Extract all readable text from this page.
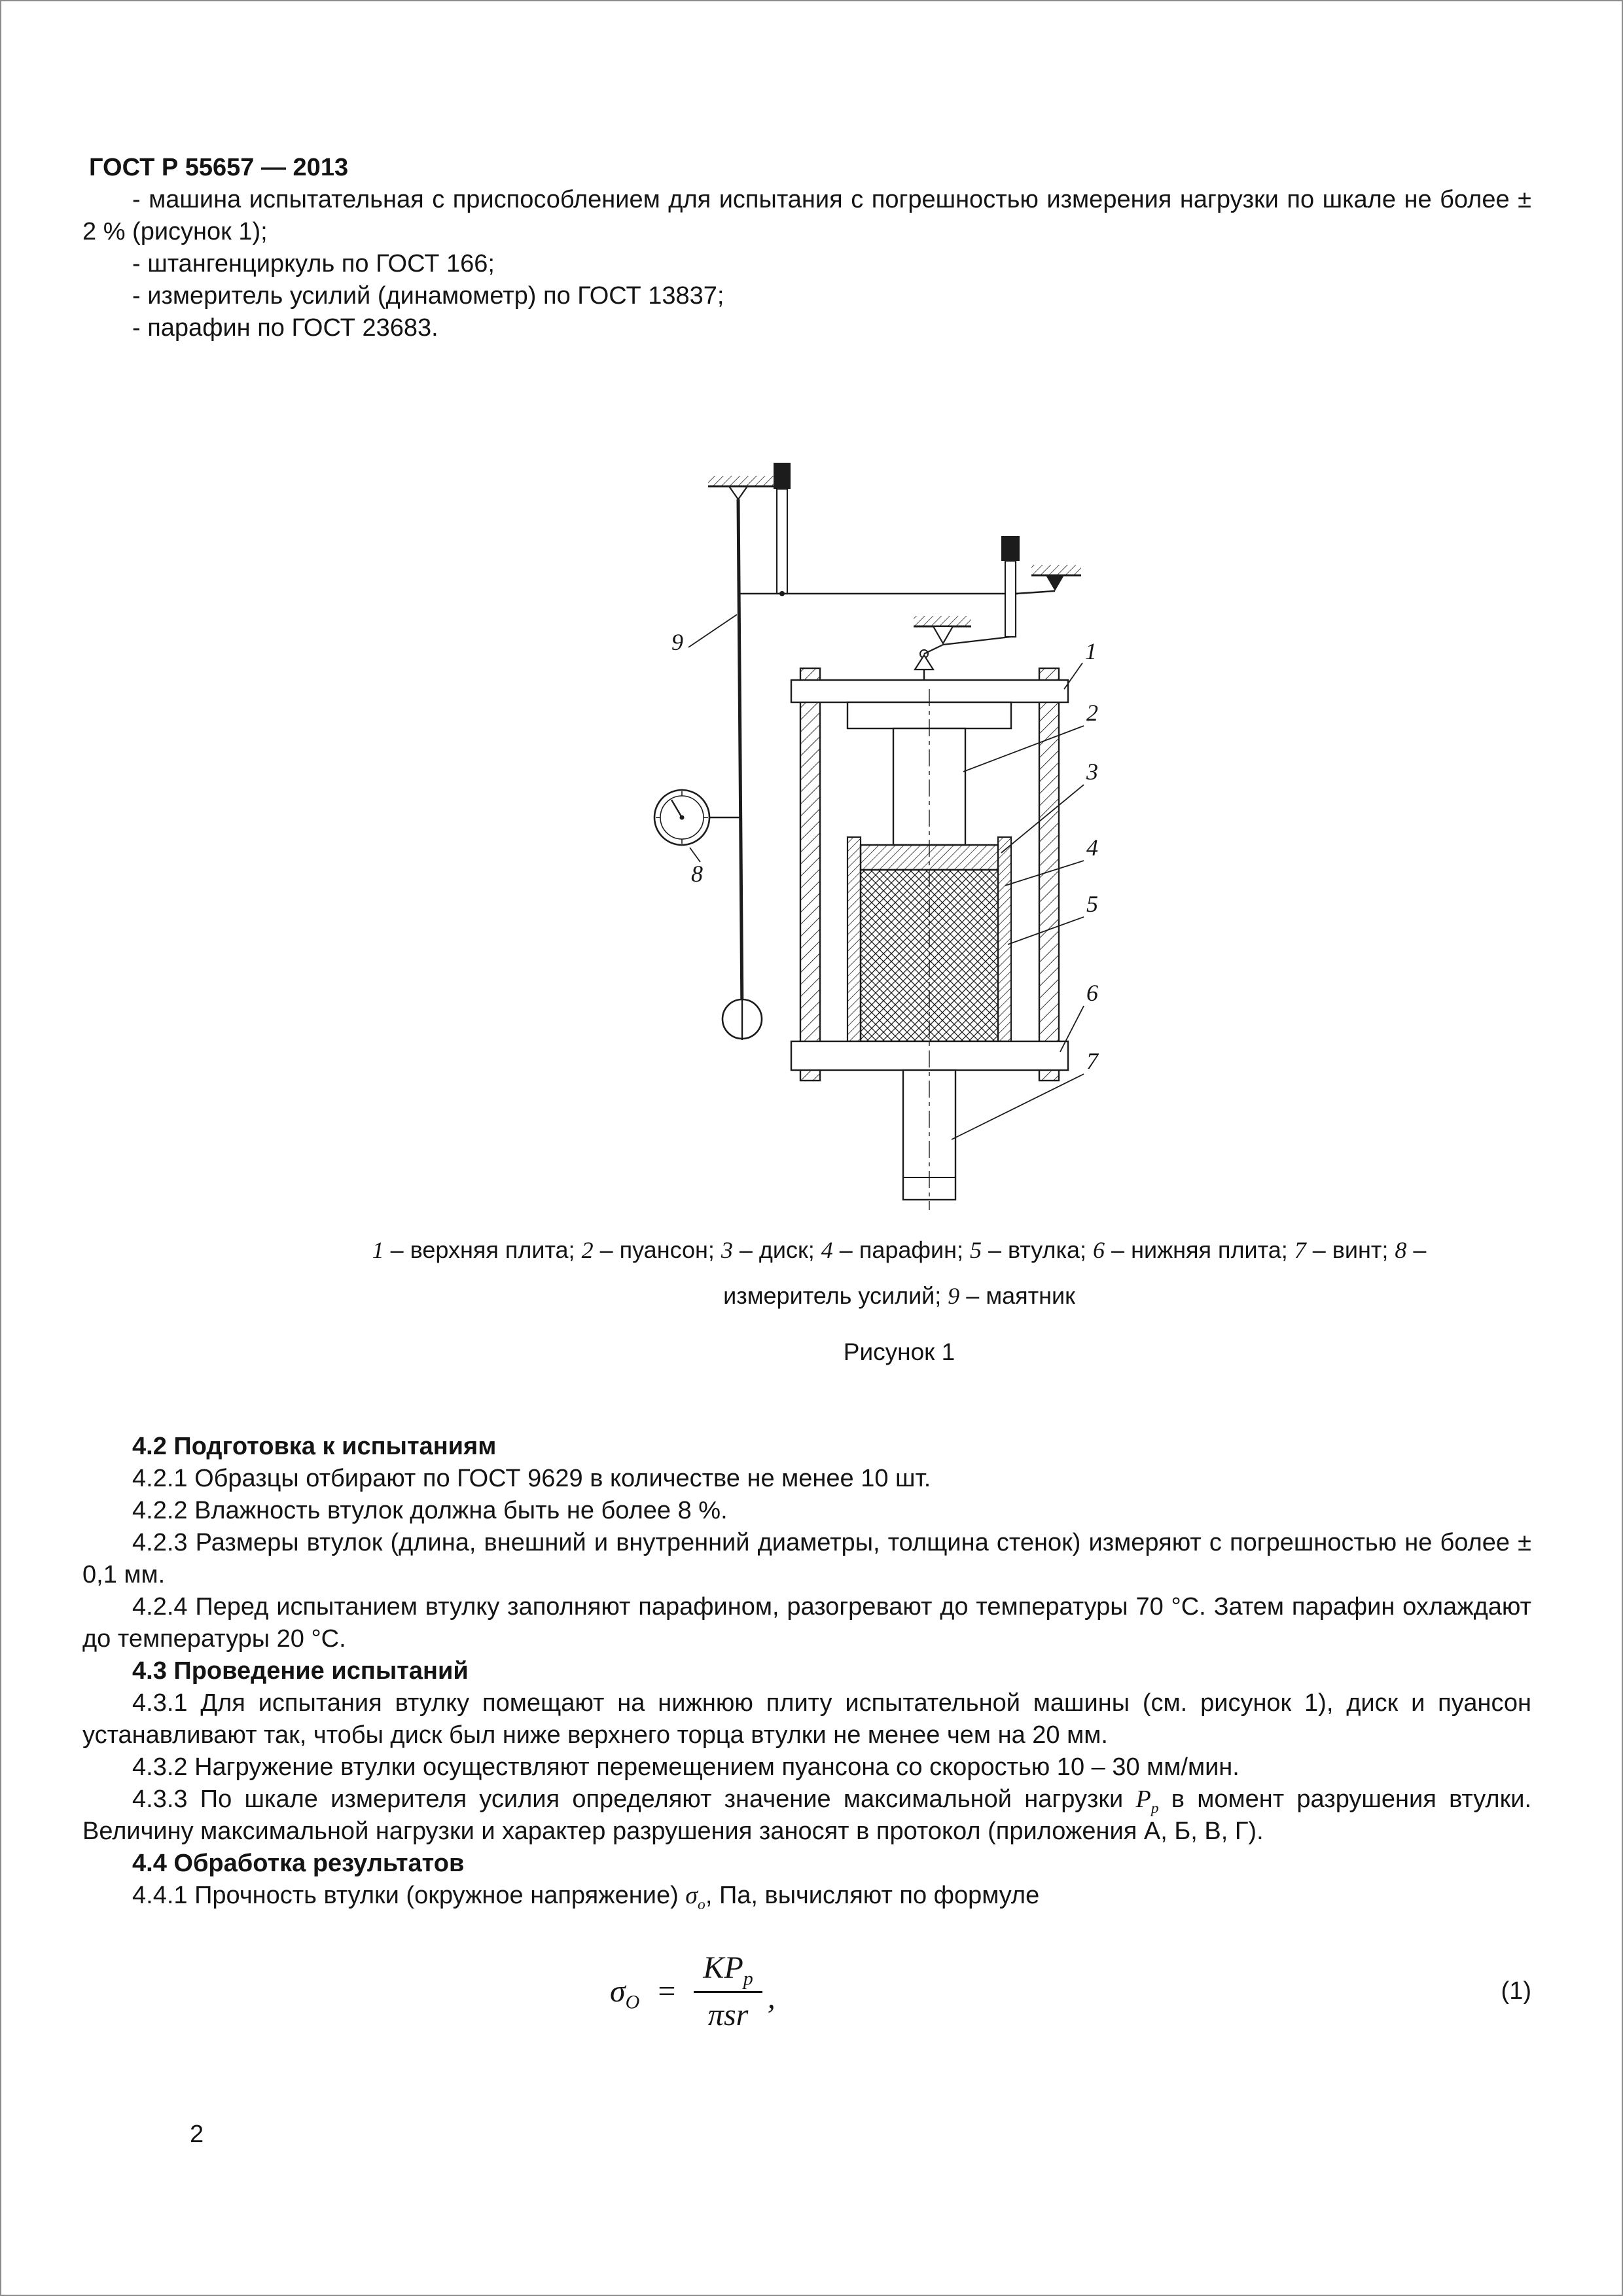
ГОСТ Р 55657 — 2013

- машина испытательная с приспособлением для испытания с погрешностью измерения нагрузки по шкале не более ± 2 % (рисунок 1);

- штангенциркуль по ГОСТ 166;

- измеритель усилий (динамометр) по ГОСТ 13837;

- парафин по ГОСТ 23683.

1
2
3
4
5
6
7
8
9

1 – верхняя плита; 2 – пуансон; 3 – диск; 4 – парафин; 5 – втулка; 6 – нижняя плита; 7 – винт; 8 – измеритель усилий; 9 – маятник

Рисунок 1

4.2 Подготовка к испытаниям

4.2.1 Образцы отбирают по ГОСТ 9629 в количестве не менее 10 шт.

4.2.2 Влажность втулок должна быть не более 8 %.

4.2.3 Размеры втулок (длина, внешний и внутренний диаметры, толщина стенок) измеряют с погрешностью не более ± 0,1 мм.

4.2.4 Перед испытанием втулку заполняют парафином, разогревают до температуры 70 °С. Затем парафин охлаждают до температуры 20 °С.

4.3 Проведение испытаний

4.3.1 Для испытания втулку помещают на нижнюю плиту испытательной машины (см. рисунок 1), диск и пуансон устанавливают так, чтобы диск был ниже верхнего торца втулки не менее чем на 20 мм.

4.3.2 Нагружение втулки осуществляют перемещением пуансона со скоростью 10 – 30 мм/мин.

4.3.3 По шкале измерителя усилия определяют значение максимальной нагрузки $P_р$ в момент разрушения втулки. Величину максимальной нагрузки и характер разрушения заносят в протокол (приложения А, Б, В, Г).

4.4 Обработка результатов

4.4.1 Прочность втулки (окружное напряжение) $\sigma_о$, Па, вычисляют по формуле

$\sigma_О = \frac{KP_р}{\text{πsr}}$ ,	(1)
2
